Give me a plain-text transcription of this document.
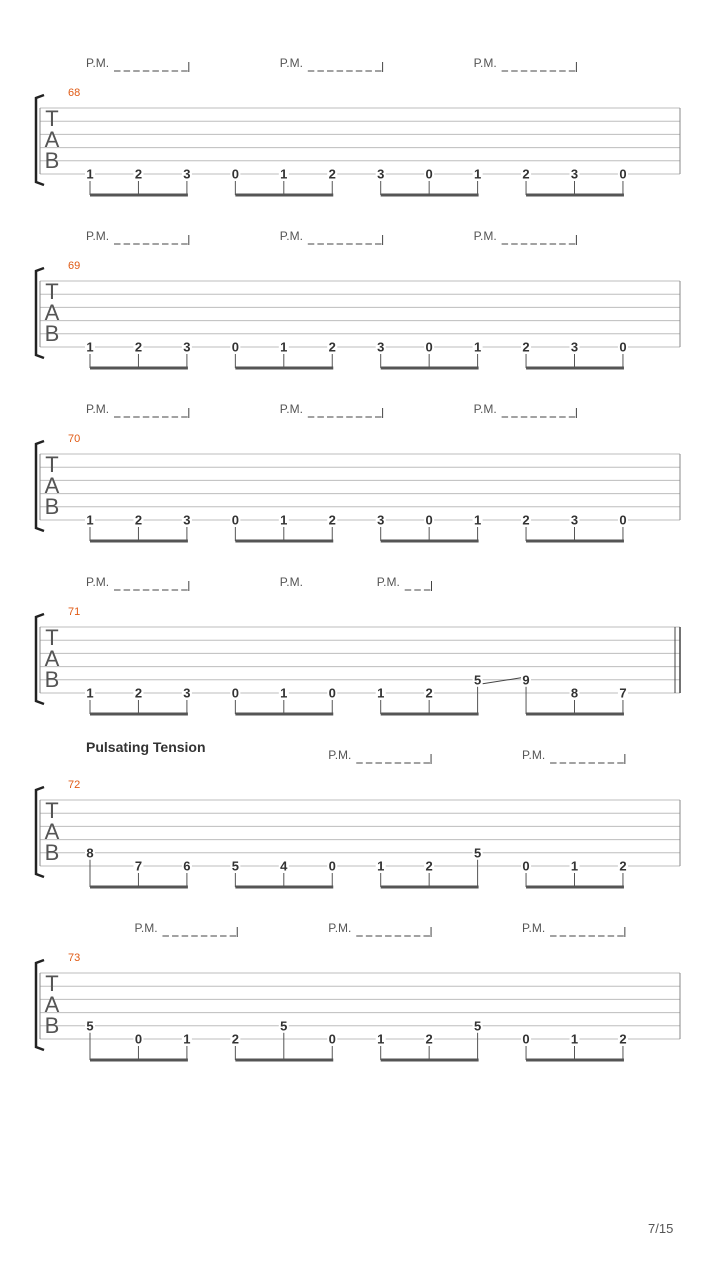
T
A
B
68
P.M.	P.M.	P.M.
1	2	3	0	1	2	3	0	1	2	3	0
T
A
B
69
P.M.	P.M.	P.M.
1	2	3	0	1	2	3	0	1	2	3	0
T
A
B
70
P.M.	P.M.	P.M.
1	2	3	0	1	2	3	0	1	2	3	0
T
A
B
71
P.M.	P.M.	P.M.
1	2	3	0	1	0	1	2
5	9
8	7
T
A
B
72
Pulsating Tension	P.M.	P.M.
8
7	6	5	4	0	1	2
5
0	1	2
T
A
B
73
P.M.	P.M.	P.M.
5
0	1	2
5
0	1	2
5
0	1	2
7/15
